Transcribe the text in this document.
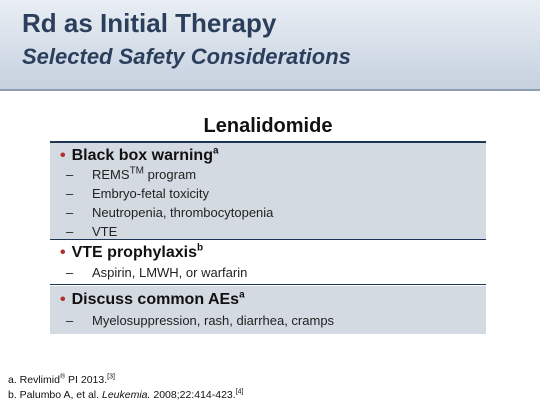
Rd as Initial Therapy
Selected Safety Considerations
Lenalidomide
• Black box warning$^a$
– REMS™ program
– Embryo-fetal toxicity
– Neutropenia, thrombocytopenia
– VTE
• VTE prophylaxis$^b$
– Aspirin, LMWH, or warfarin
• Discuss common AEs$^a$
– Myelosuppression, rash, diarrhea, cramps
a. Revlimid® PI 2013.[3]
b. Palumbo A, et al. Leukemia. 2008;22:414-423.[4]
